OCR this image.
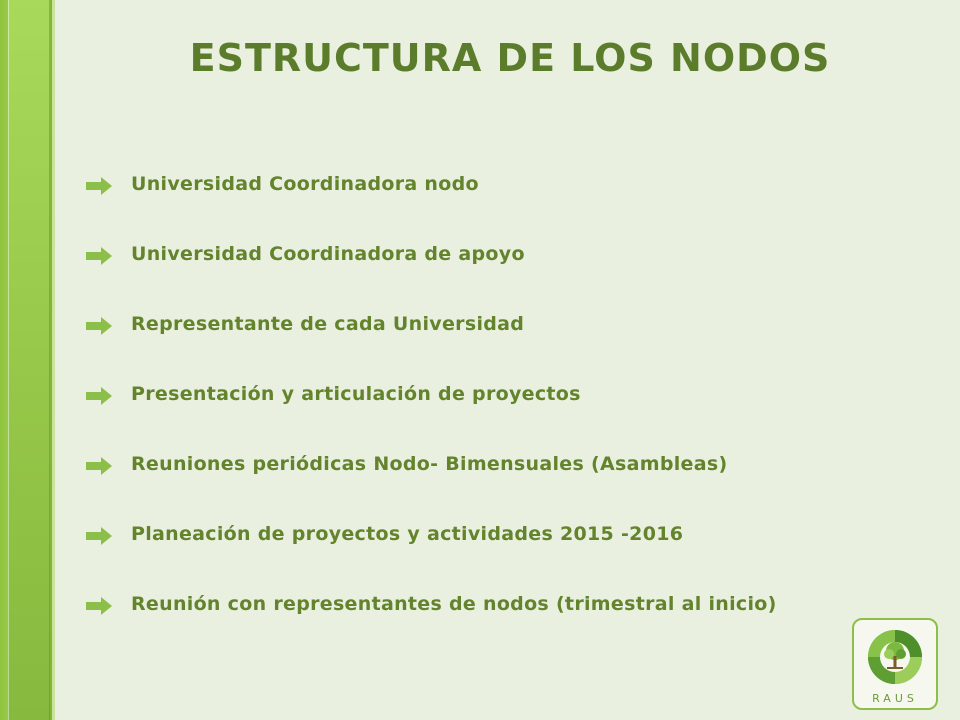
ESTRUCTURA DE LOS NODOS
Universidad Coordinadora nodo
Universidad Coordinadora de apoyo
Representante de cada Universidad
Presentación y articulación de proyectos
Reuniones periódicas Nodo- Bimensuales (Asambleas)
Planeación de proyectos y actividades 2015 -2016
Reunión con representantes de nodos (trimestral al inicio)
RAUS
